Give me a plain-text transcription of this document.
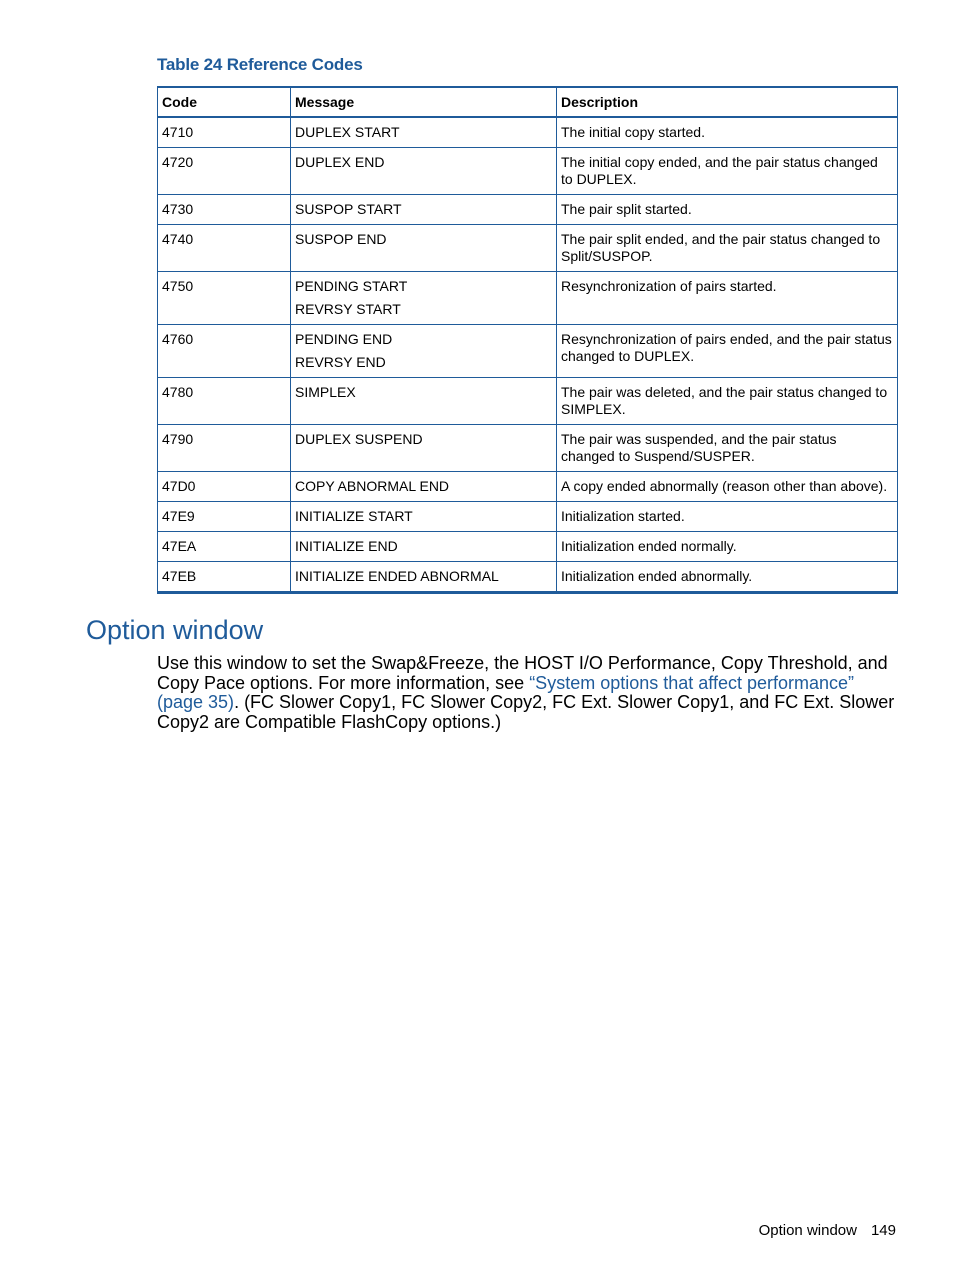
Table 24 Reference Codes
Code	Message	Description
4710	DUPLEX START	The initial copy started.

4720	DUPLEX END	The initial copy ended, and the pair status changed to DUPLEX.

4730	SUSPOP START	The pair split started.

4740	SUSPOP END	The pair split ended, and the pair status changed to Split/SUSPOP.

4750	PENDING START
REVRSY START	Resynchronization of pairs started.

4760	PENDING END
REVRSY END	Resynchronization of pairs ended, and the pair status changed to DUPLEX.

4780	SIMPLEX	The pair was deleted, and the pair status changed to SIMPLEX.

4790	DUPLEX SUSPEND	The pair was suspended, and the pair status changed to Suspend/SUSPER.

47D0	COPY ABNORMAL END	A copy ended abnormally (reason other than above).

47E9	INITIALIZE START	Initialization started.

47EA	INITIALIZE END	Initialization ended normally.

47EB	INITIALIZE ENDED ABNORMAL	Initialization ended abnormally.
Option window

Use this window to set the Swap&Freeze, the HOST I/O Performance, Copy Threshold, and Copy Pace options. For more information, see “System options that affect performance” (page 35). (FC Slower Copy1, FC Slower Copy2, FC Ext. Slower Copy1, and FC Ext. Slower Copy2 are Compatible FlashCopy options.)

Option window 149
